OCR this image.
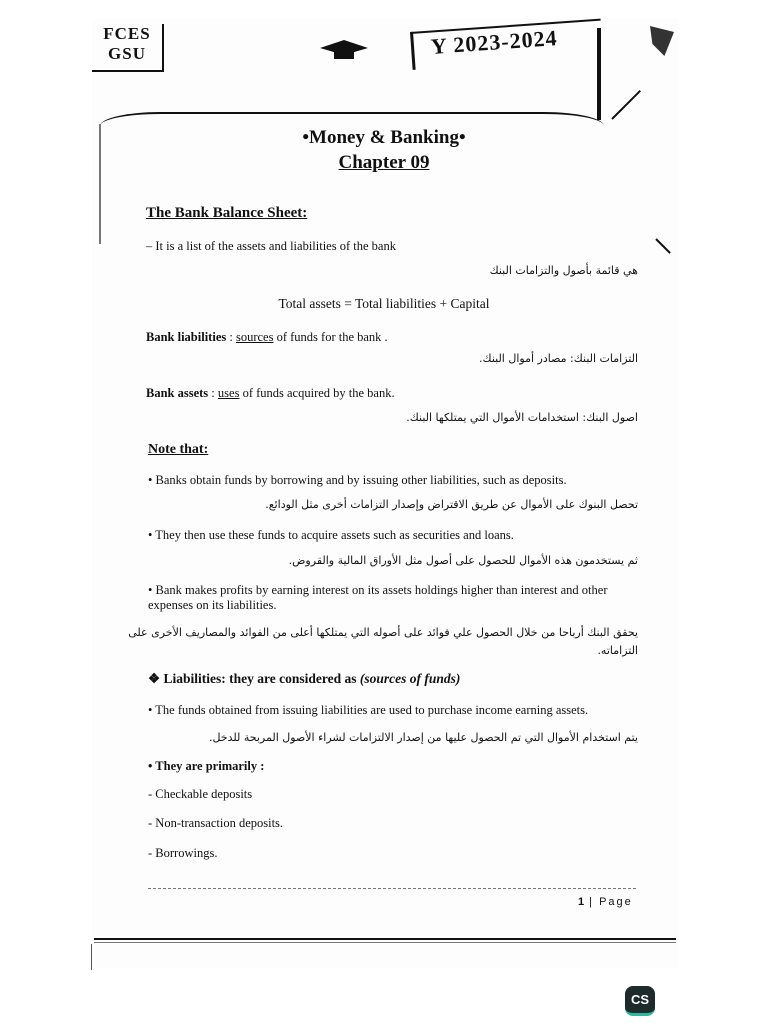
FCES
GSU	Y 2023-2024
•Money & Banking•
Chapter 09
The Bank Balance Sheet:
– It is a list of the assets and liabilities of the bank
هي قائمة بأصول والتزامات البنك
Total assets = Total liabilities + Capital
Bank liabilities : sources of funds for the bank .
التزامات البنك: مصادر أموال البنك.
Bank assets : uses of funds acquired by the bank.
اصول البنك: استخدامات الأموال التي يمتلكها البنك.
Note that:
• Banks obtain funds by borrowing and by issuing other liabilities, such as deposits.
تحصل البنوك على الأموال عن طريق الاقتراض وإصدار التزامات أخرى مثل الودائع.
• They then use these funds to acquire assets such as securities and loans.
ثم يستخدمون هذه الأموال للحصول على أصول مثل الأوراق المالية والقروض.
• Bank makes profits by earning interest on its assets holdings higher than interest and other
expenses on its liabilities.
يحقق البنك أرباحا من خلال الحصول علي فوائد على أصوله التي يمتلكها أعلى من الفوائد والمصاريف الأخرى على
التزاماته.
❖ Liabilities: they are considered as (sources of funds)
• The funds obtained from issuing liabilities are used to purchase income earning assets.
يتم استخدام الأموال التي تم الحصول عليها من إصدار الالتزامات لشراء الأصول المربحة للدخل.
• They are primarily :
- Checkable deposits
- Non-transaction deposits.
- Borrowings.
1 | Page
CS
